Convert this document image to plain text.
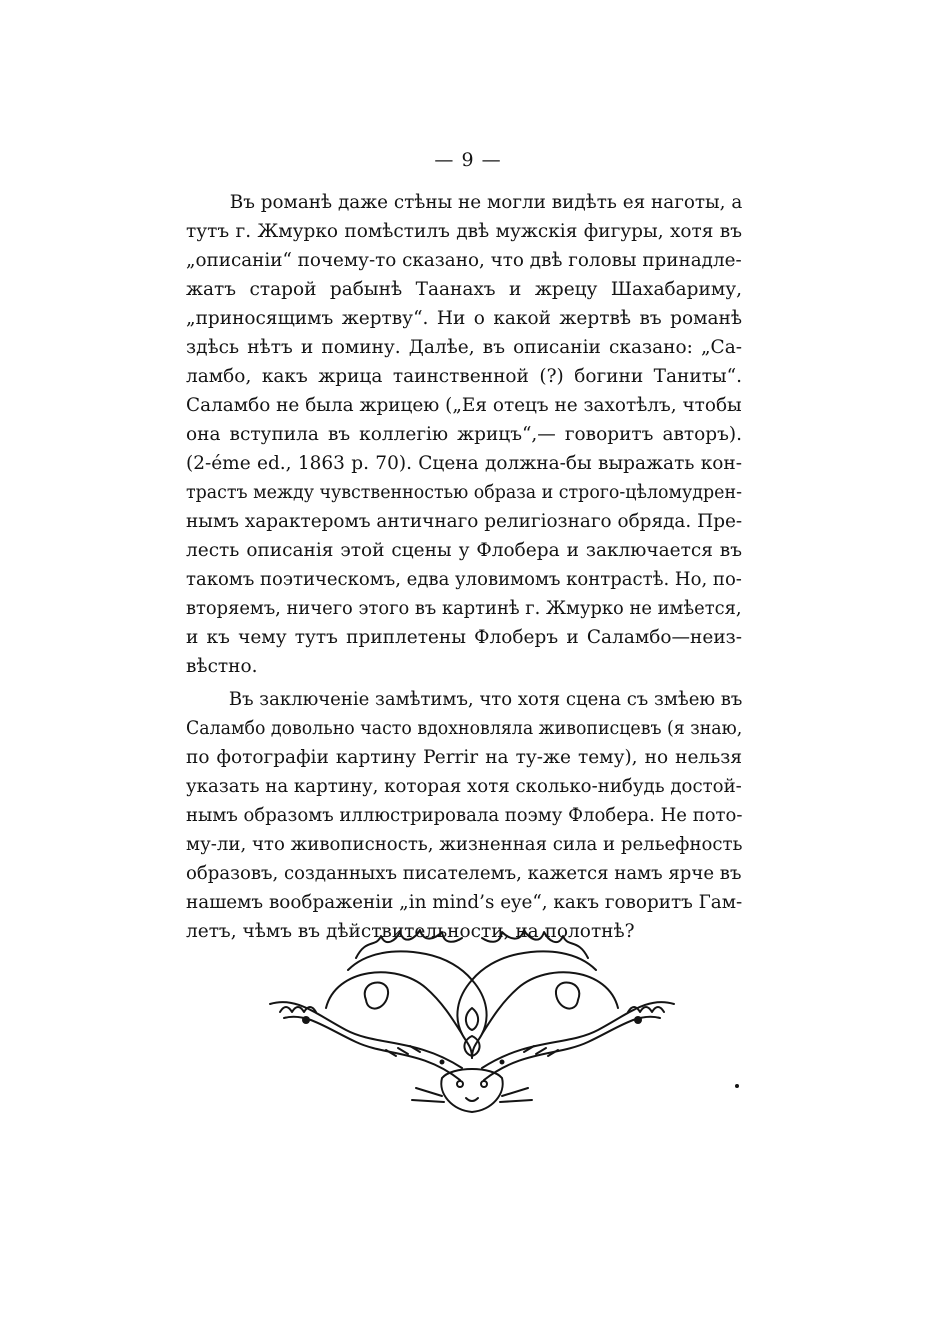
— 9 —
Въ романѣ даже стѣны не могли видѣть ея наготы, а
тутъ г. Жмурко помѣстилъ двѣ мужскія фигуры, хотя въ
„описаніи“ почему-то сказано, что двѣ головы принадле-
жатъ старой рабынѣ Таанахъ и жрецу Шахабариму,
„приносящимъ жертву“. Ни о какой жертвѣ въ романѣ
здѣсь нѣтъ и помину. Далѣе, въ описаніи сказано: „Са-
ламбо, какъ жрица таинственной (?) богини Таниты“.
Саламбо не была жрицею („Ея отецъ не захотѣлъ, чтобы
она вступила въ коллегію жрицъ“,— говоритъ авторъ).
(2-éme ed., 1863 p. 70). Сцена должна-бы выражать кон-
трастъ между чувственностью образа и строго-цѣломудрен-
нымъ характеромъ античнаго религіознаго обряда. Пре-
лесть описанія этой сцены у Флобера и заключается въ
такомъ поэтическомъ, едва уловимомъ контрастѣ. Но, по-
вторяемъ, ничего этого въ картинѣ г. Жмурко не имѣется,
и къ чему тутъ приплетены Флоберъ и Саламбо—неиз-
вѣстно.
Въ заключеніе замѣтимъ, что хотя сцена съ змѣею въ
Саламбо довольно часто вдохновляла живописцевъ (я знаю,
по фотографіи картину Perrir на ту-же тему), но нельзя
указать на картину, которая хотя сколько-нибудь достой-
нымъ образомъ иллюстрировала поэму Флобера. Не пото-
му-ли, что живописность, жизненная сила и рельефность
образовъ, созданныхъ писателемъ, кажется намъ ярче въ
нашемъ воображеніи „in mind’s eye“, какъ говоритъ Гам-
летъ, чѣмъ въ дѣйствительности, на полотнѣ?
